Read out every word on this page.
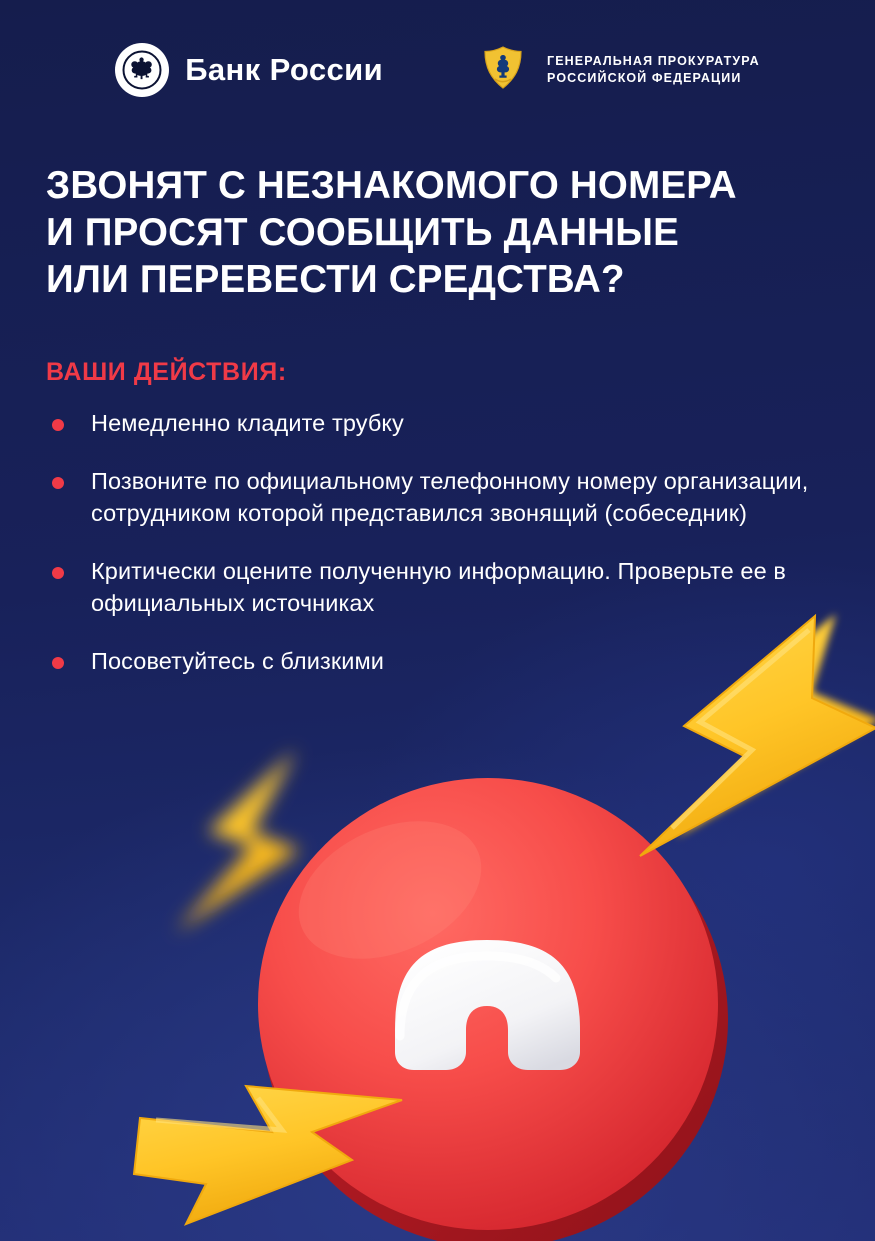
Банк России	ГЕНЕРАЛЬНАЯ ПРОКУРАТУРА
РОССИЙСКОЙ ФЕДЕРАЦИИ
ЗВОНЯТ С НЕЗНАКОМОГО НОМЕРА
И ПРОСЯТ СООБЩИТЬ ДАННЫЕ
ИЛИ ПЕРЕВЕСТИ СРЕДСТВА?
ВАШИ ДЕЙСТВИЯ:
Немедленно кладите трубку
Позвоните по официальному телефонному номеру организации, сотрудником которой представился звонящий (собеседник)
Критически оцените полученную информацию. Проверьте ее в официальных источниках
Посоветуйтесь с близкими
